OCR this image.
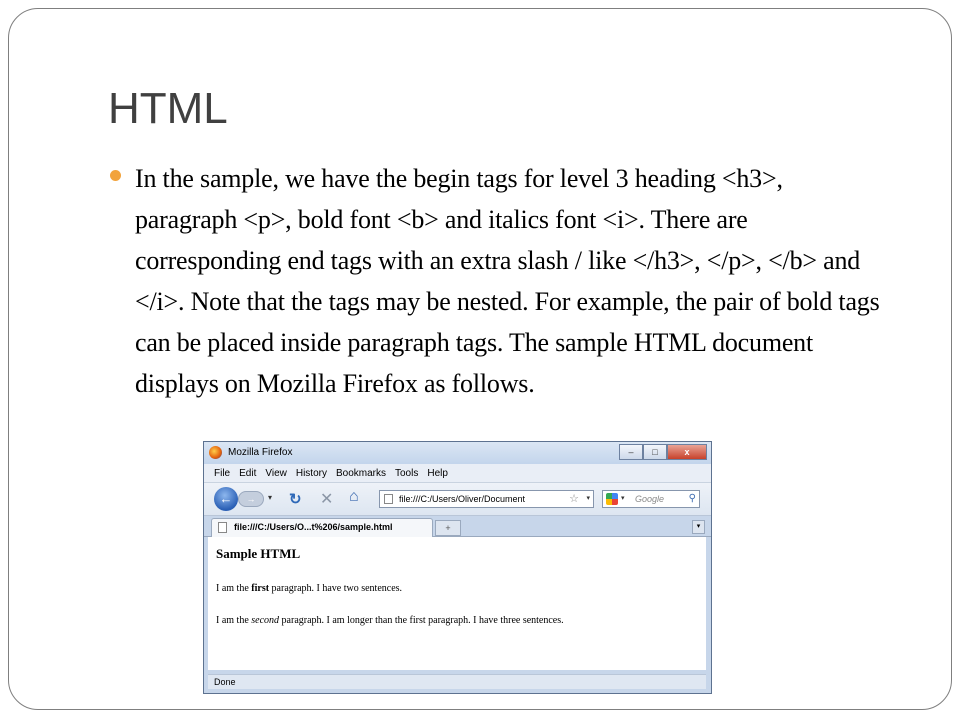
HTML

In the sample, we have the begin tags for level 3 heading <h3>, paragraph <p>, bold font <b> and italics font <i>. There are corresponding end tags with an extra slash / like </h3>, </p>, </b> and </i>. Note that the tags may be nested. For example, the pair of bold tags can be placed inside paragraph tags. The sample HTML document displays on Mozilla Firefox as follows.

Mozilla Firefox	–	□	x
File Edit View History Bookmarks Tools Help
←	→	▾ ↻ ✕ ⌂	file:///C:/Users/Oliver/Document	☆ ▾	▾ Google ⚲
file:///C:/Users/O...t%206/sample.html	+	▾
Sample HTML

I am the first paragraph. I have two sentences.

I am the second paragraph. I am longer than the first paragraph. I have three sentences.

Done
